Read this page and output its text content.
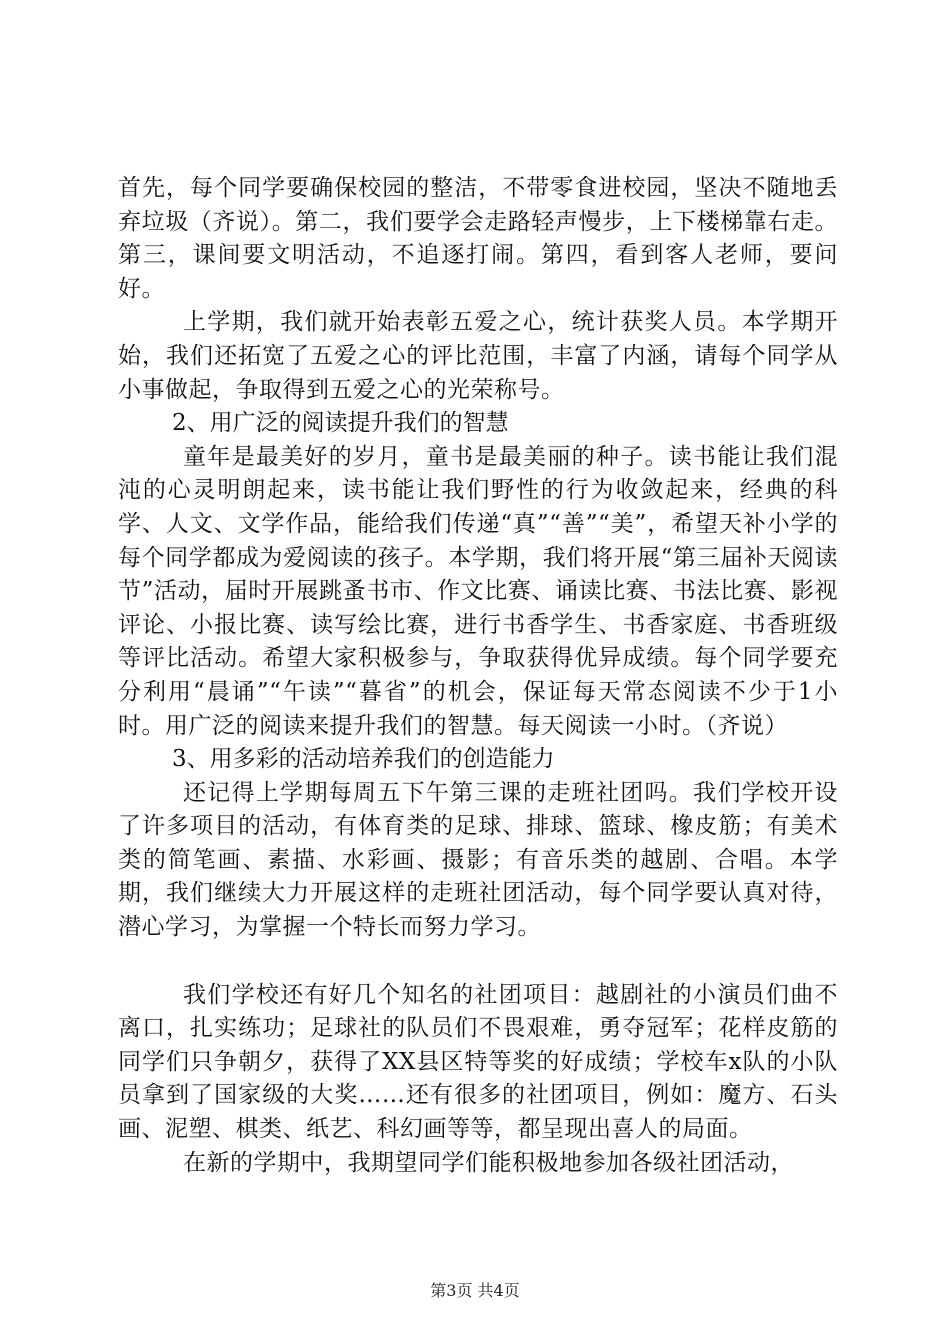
首先，每个同学要确保校园的整洁，不带零食进校园，坚决不随地丢弃垃圾（齐说）。第二，我们要学会走路轻声慢步，上下楼梯靠右走。第三，课间要文明活动，不追逐打闹。第四，看到客人老师，要问好。

上学期，我们就开始表彰五爱之心，统计获奖人员。本学期开始，我们还拓宽了五爱之心的评比范围，丰富了内涵，请每个同学从小事做起，争取得到五爱之心的光荣称号。

2、用广泛的阅读提升我们的智慧

童年是最美好的岁月，童书是最美丽的种子。读书能让我们混沌的心灵明朗起来，读书能让我们野性的行为收敛起来，经典的科学、人文、文学作品，能给我们传递“真”“善”“美”，希望天补小学的每个同学都成为爱阅读的孩子。本学期，我们将开展“第三届补天阅读节”活动，届时开展跳蚤书市、作文比赛、诵读比赛、书法比赛、影视评论、小报比赛、读写绘比赛，进行书香学生、书香家庭、书香班级等评比活动。希望大家积极参与，争取获得优异成绩。每个同学要充分利用“晨诵”“午读”“暮省”的机会，保证每天常态阅读不少于1小时。用广泛的阅读来提升我们的智慧。每天阅读一小时。（齐说）

3、用多彩的活动培养我们的创造能力

还记得上学期每周五下午第三课的走班社团吗。我们学校开设了许多项目的活动，有体育类的足球、排球、篮球、橡皮筋；有美术类的简笔画、素描、水彩画、摄影；有音乐类的越剧、合唱。本学期，我们继续大力开展这样的走班社团活动，每个同学要认真对待，潜心学习，为掌握一个特长而努力学习。

我们学校还有好几个知名的社团项目：越剧社的小演员们曲不离口，扎实练功；足球社的队员们不畏艰难，勇夺冠军；花样皮筋的同学们只争朝夕，获得了XX县区特等奖的好成绩；学校车x队的小队员拿到了国家级的大奖……还有很多的社团项目，例如：魔方、石头画、泥塑、棋类、纸艺、科幻画等等，都呈现出喜人的局面。

在新的学期中，我期望同学们能积极地参加各级社团活动，

第3页 共4页
